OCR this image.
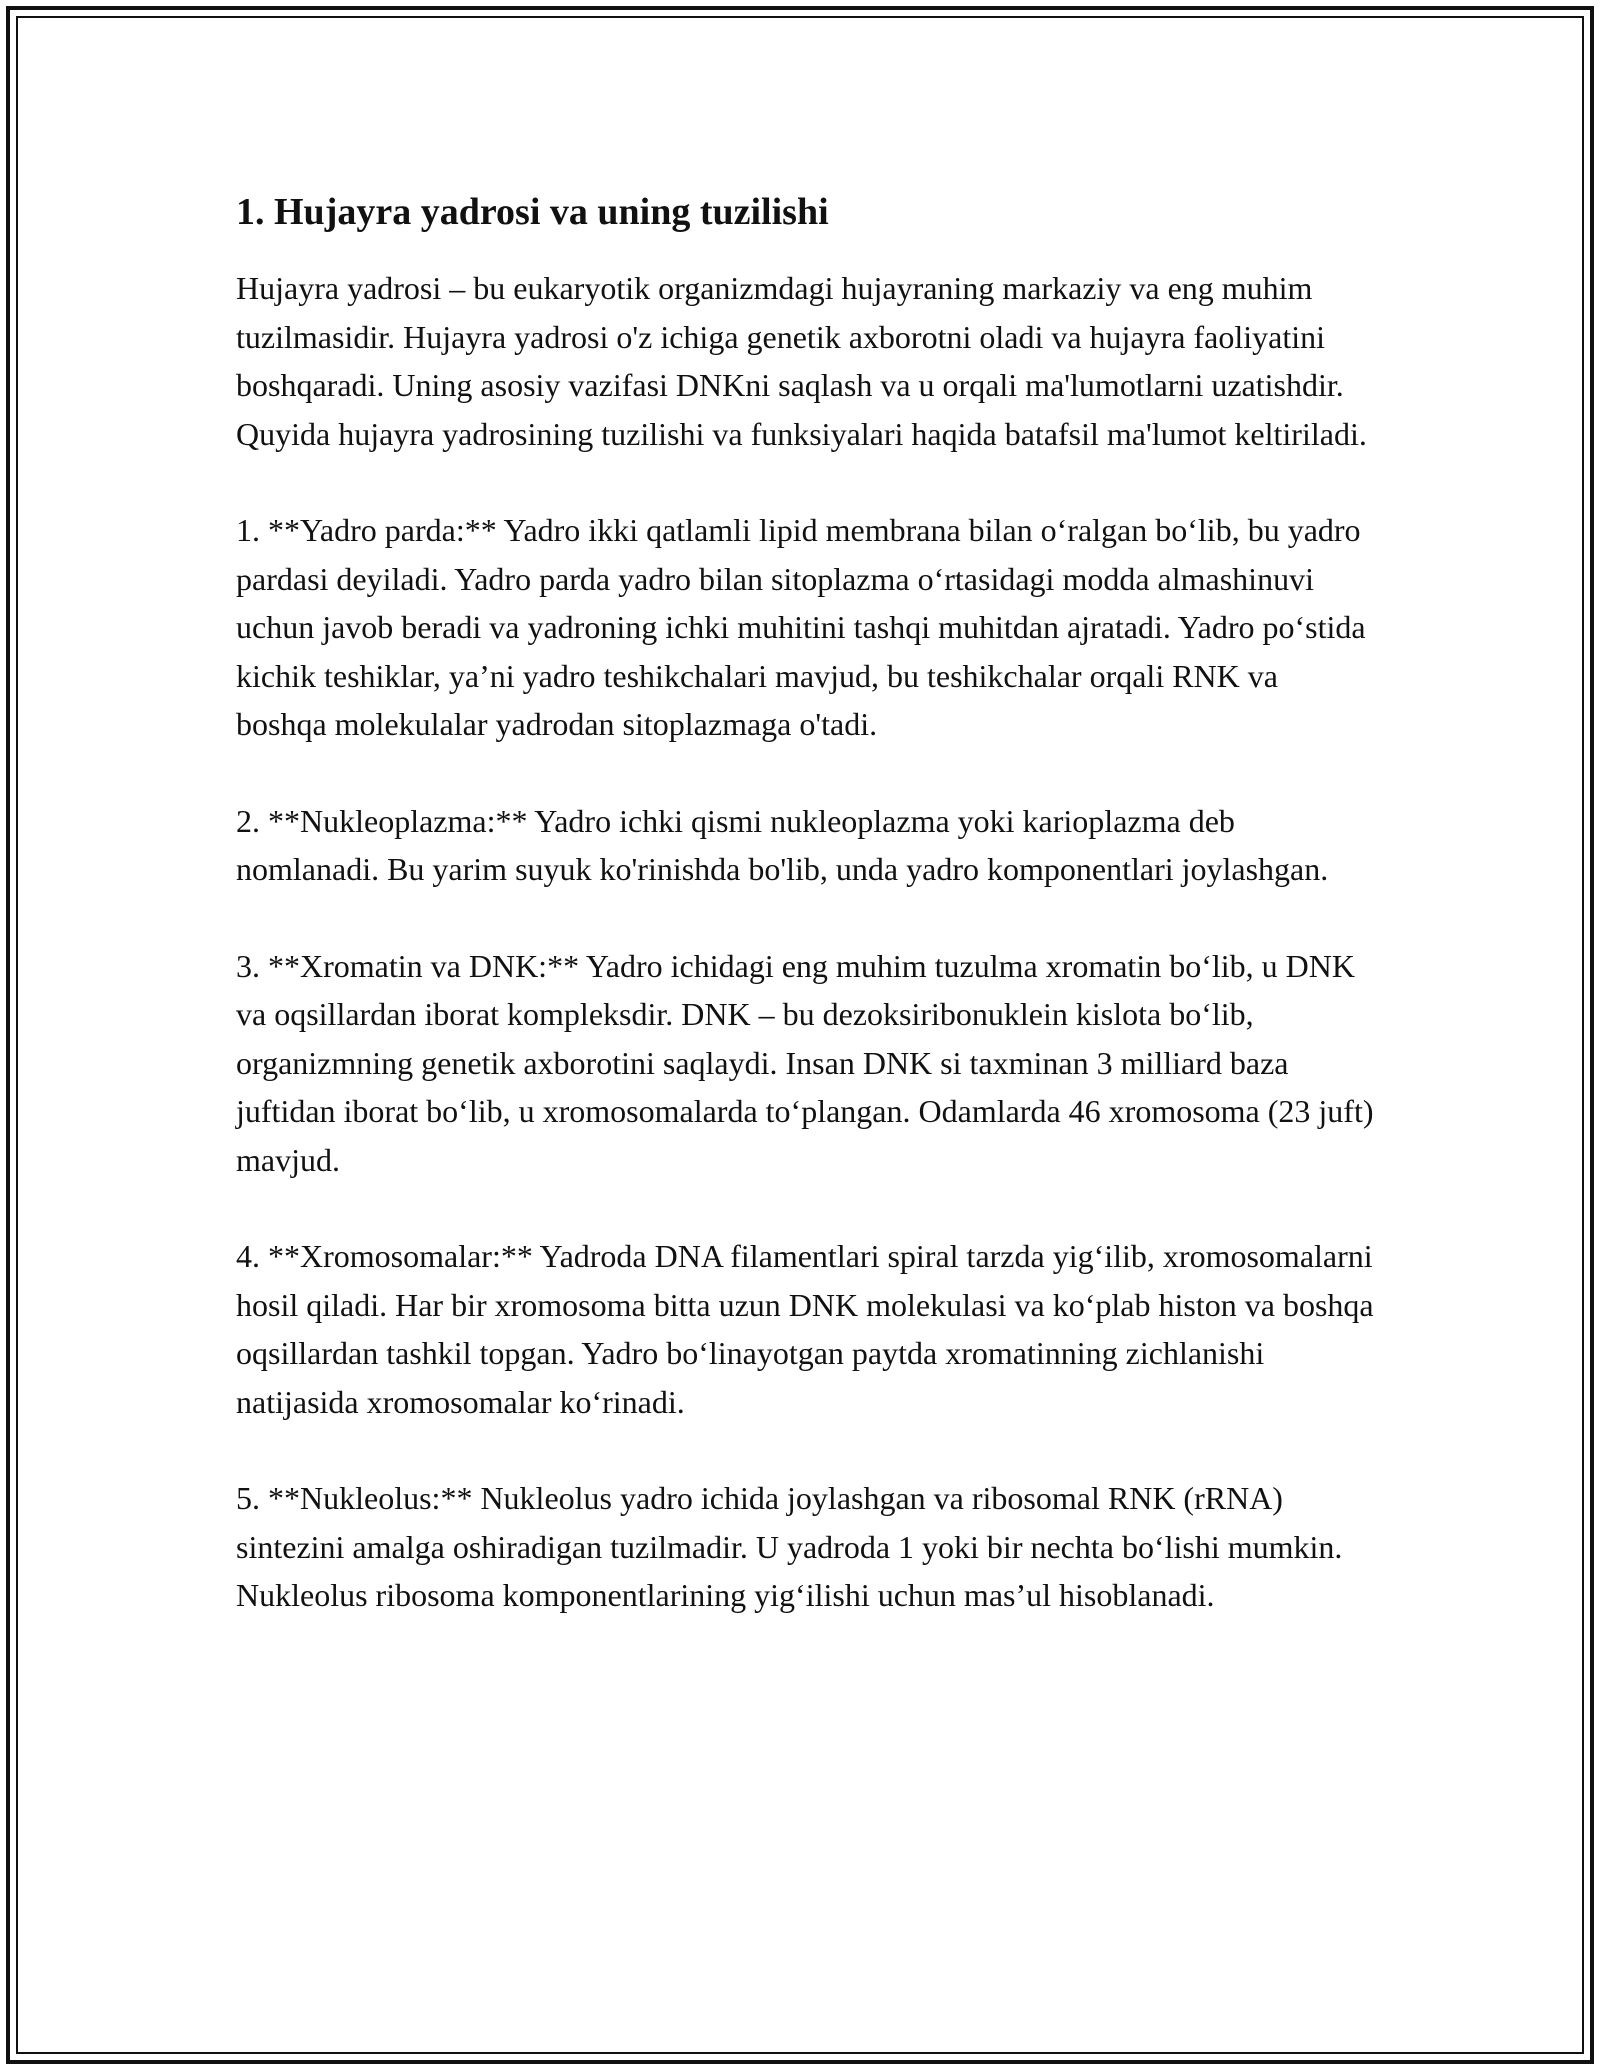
1. Hujayra yadrosi va uning tuzilishi

Hujayra yadrosi – bu eukaryotik organizmdagi hujayraning markaziy va eng muhim tuzilmasidir. Hujayra yadrosi o'z ichiga genetik axborotni oladi va hujayra faoliyatini boshqaradi. Uning asosiy vazifasi DNKni saqlash va u orqali ma'lumotlarni uzatishdir. Quyida hujayra yadrosining tuzilishi va funksiyalari haqida batafsil ma'lumot keltiriladi.

1. **Yadro parda:** Yadro ikki qatlamli lipid membrana bilan o‘ralgan bo‘lib, bu yadro pardasi deyiladi. Yadro parda yadro bilan sitoplazma o‘rtasidagi modda almashinuvi uchun javob beradi va yadroning ichki muhitini tashqi muhitdan ajratadi. Yadro po‘stida kichik teshiklar, ya’ni yadro teshikchalari mavjud, bu teshikchalar orqali RNK va boshqa molekulalar yadrodan sitoplazmaga o'tadi.

2. **Nukleoplazma:** Yadro ichki qismi nukleoplazma yoki karioplazma deb nomlanadi. Bu yarim suyuk ko'rinishda bo'lib, unda yadro komponentlari joylashgan.

3. **Xromatin va DNK:** Yadro ichidagi eng muhim tuzulma xromatin bo‘lib, u DNK va oqsillardan iborat kompleksdir. DNK – bu dezoksiribonuklein kislota bo‘lib, organizmning genetik axborotini saqlaydi. Insan DNK si taxminan 3 milliard baza juftidan iborat bo‘lib, u xromosomalarda to‘plangan. Odamlarda 46 xromosoma (23 juft) mavjud.

4. **Xromosomalar:** Yadroda DNA filamentlari spiral tarzda yig‘ilib, xromosomalarni hosil qiladi. Har bir xromosoma bitta uzun DNK molekulasi va ko‘plab histon va boshqa oqsillardan tashkil topgan. Yadro bo‘linayotgan paytda xromatinning zichlanishi natijasida xromosomalar ko‘rinadi.

5. **Nukleolus:** Nukleolus yadro ichida joylashgan va ribosomal RNK (rRNA) sintezini amalga oshiradigan tuzilmadir. U yadroda 1 yoki bir nechta bo‘lishi mumkin. Nukleolus ribosoma komponentlarining yig‘ilishi uchun mas’ul hisoblanadi.
